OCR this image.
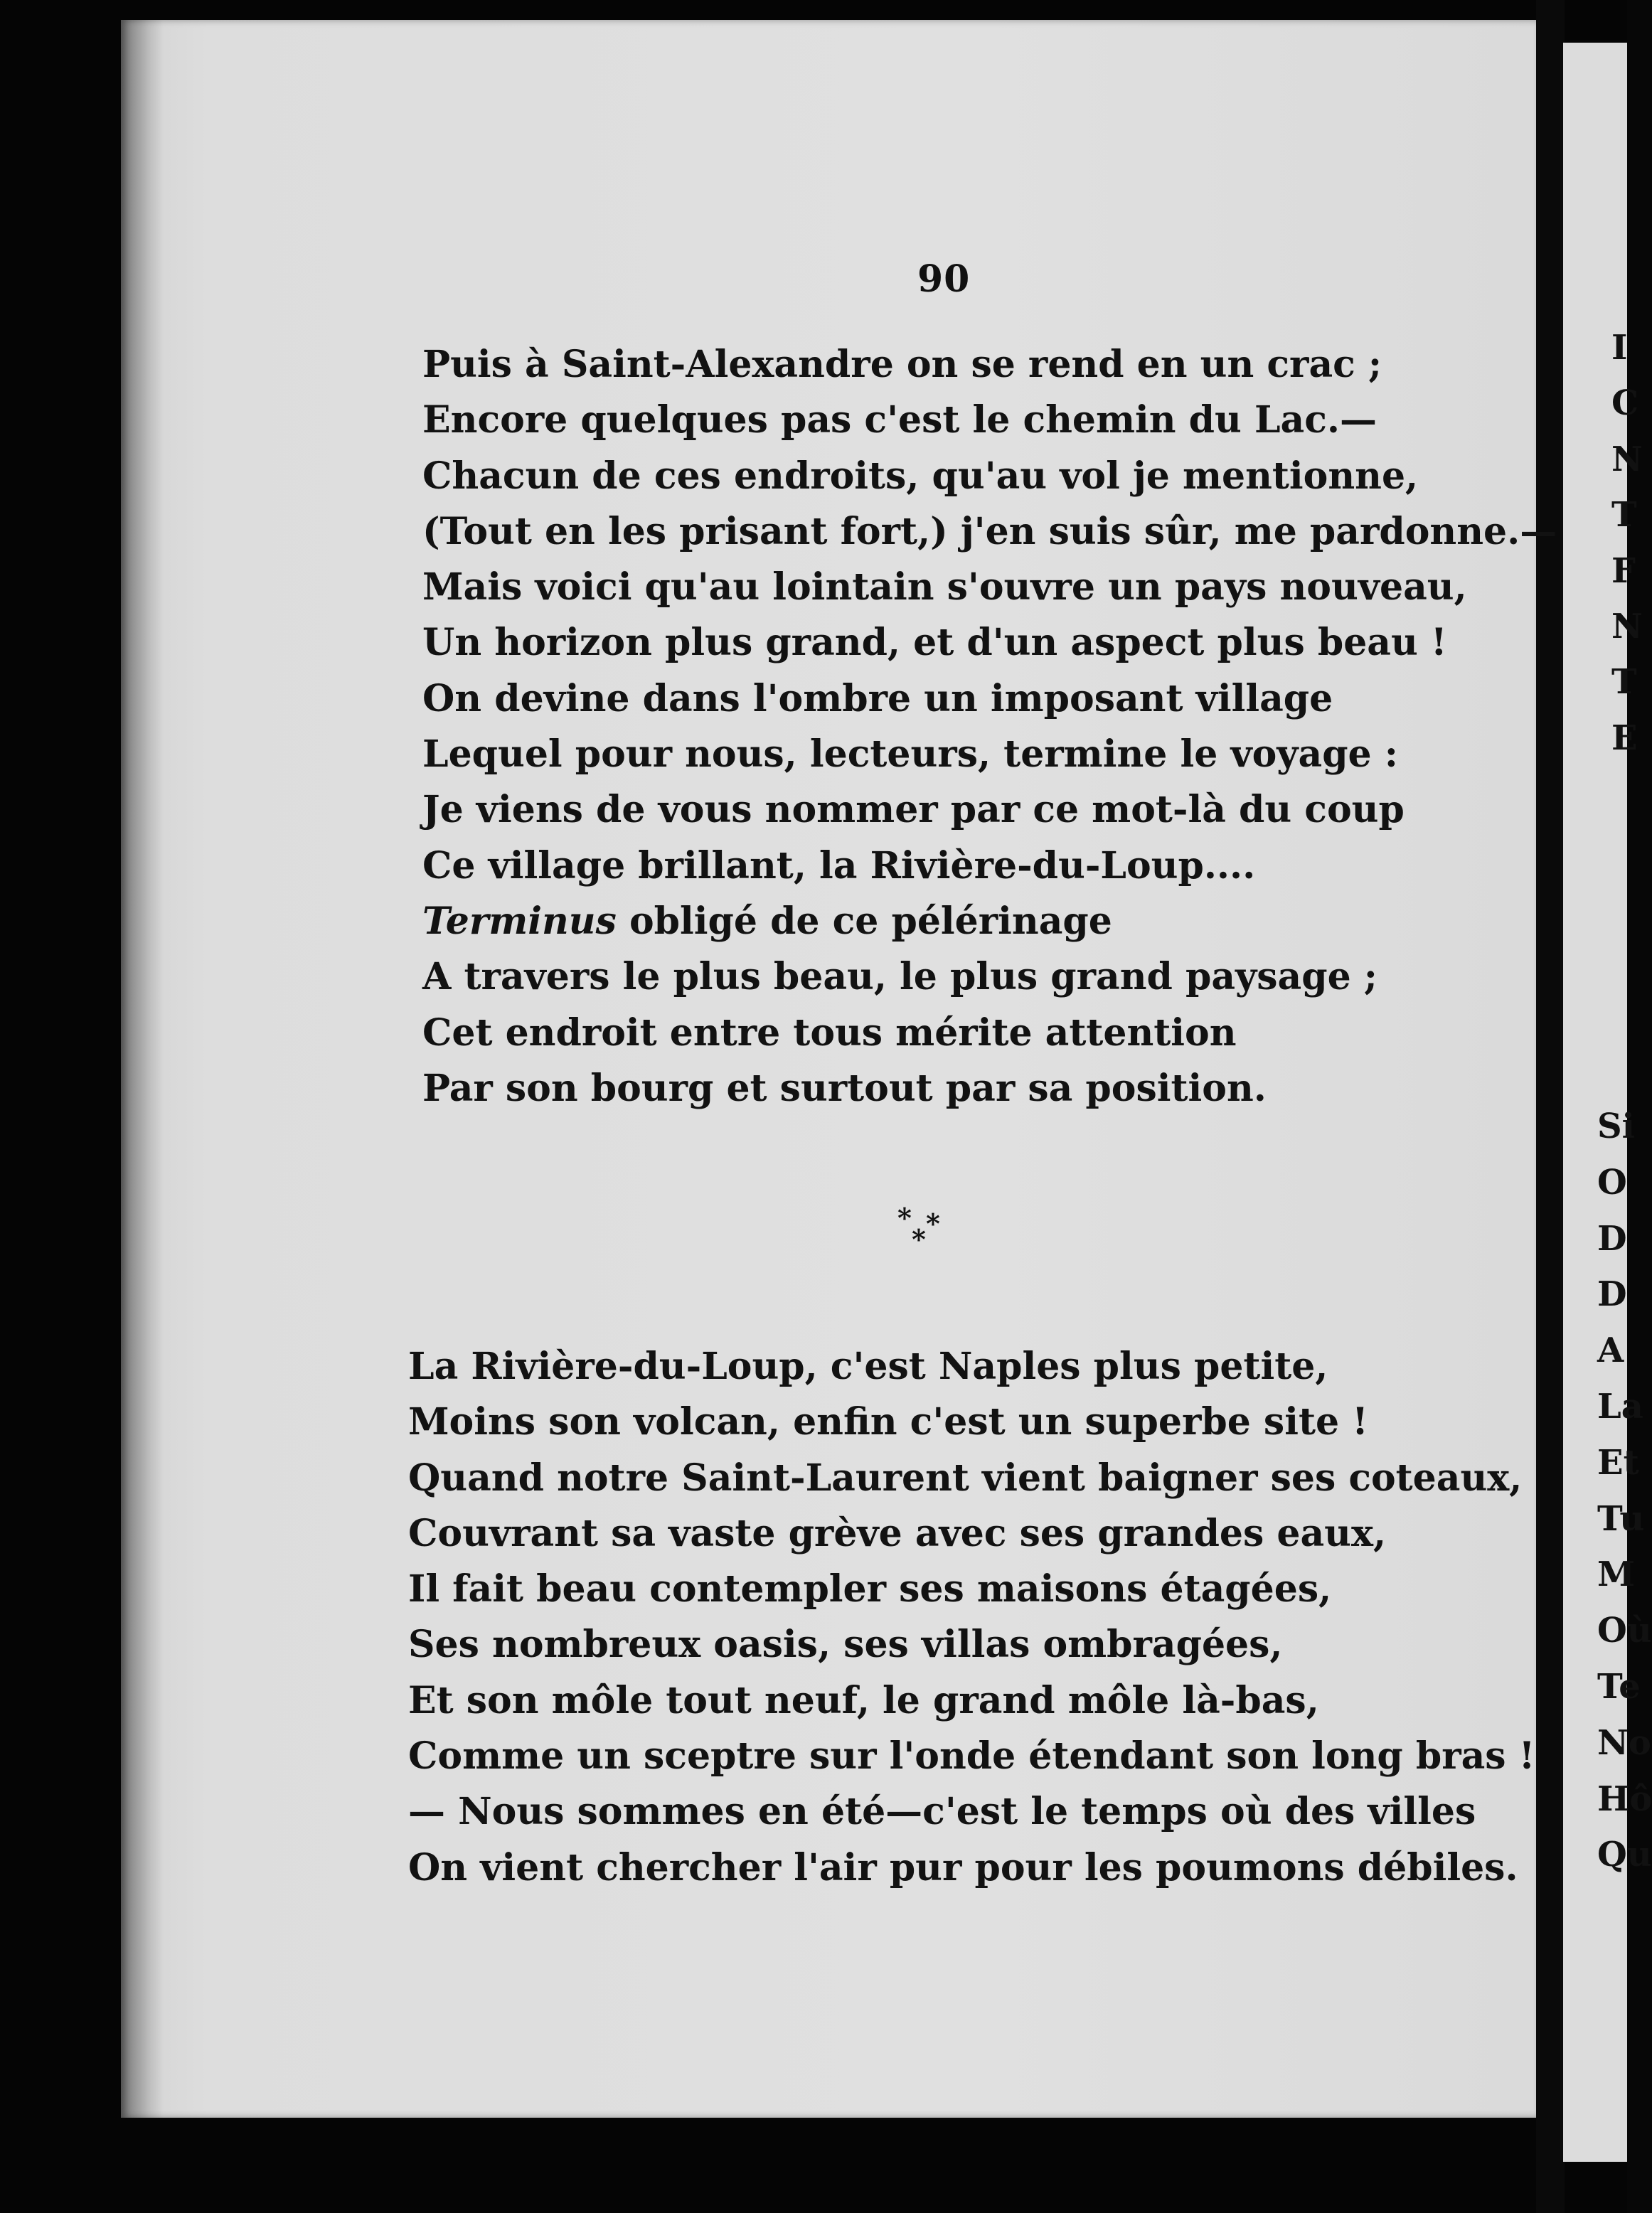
I
C
N
T
F
N
T
E
Si
O
D
D
A
La
Et
Tu
M
Où
Te
No
Hô
Qu
90
Puis à Saint-Alexandre on se rend en un crac ;
Encore quelques pas c'est le chemin du Lac.—
Chacun de ces endroits, qu'au vol je mentionne,
(Tout en les prisant fort,) j'en suis sûr, me pardonne.—
Mais voici qu'au lointain s'ouvre un pays nouveau,
Un horizon plus grand, et d'un aspect plus beau !
On devine dans l'ombre un imposant village
Lequel pour nous, lecteurs, termine le voyage :
Je viens de vous nommer par ce mot-là du coup
Ce village brillant, la Rivière-du-Loup....
Terminus obligé de ce pélérinage
A travers le plus beau, le plus grand paysage ;
Cet endroit entre tous mérite attention
Par son bourg et surtout par sa position.
* *
*
La Rivière-du-Loup, c'est Naples plus petite,
Moins son volcan, enfin c'est un superbe site !
Quand notre Saint-Laurent vient baigner ses coteaux,
Couvrant sa vaste grève avec ses grandes eaux,
Il fait beau contempler ses maisons étagées,
Ses nombreux oasis, ses villas ombragées,
Et son môle tout neuf, le grand môle là-bas,
Comme un sceptre sur l'onde étendant son long bras !
— Nous sommes en été—c'est le temps où des villes
On vient chercher l'air pur pour les poumons débiles.
